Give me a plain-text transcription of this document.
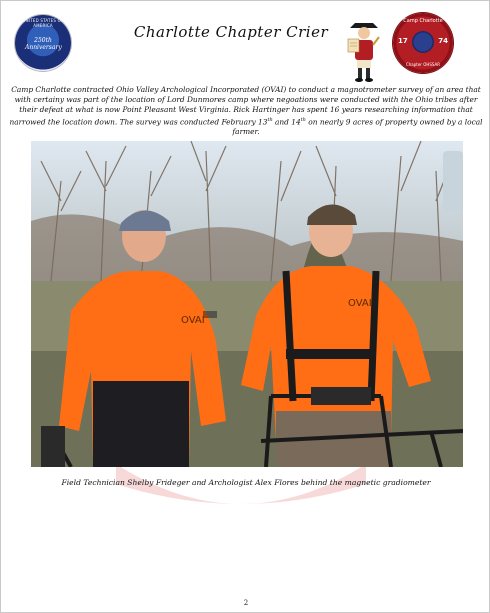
UNITED STATES OF AMERICA
250th Anniversary
Charlotte Chapter Crier
Camp Charlotte
17	74
Chapter OHSSAR
Camp Charlotte contracted Ohio Valley Archological Incorporated (OVAI) to conduct a magnotrometer survey of an area that with certainy was part of the location of Lord Dunmores camp where negoations were conducted with the Ohio tribes after their defeat at what is now Point Pleasant West Virginia. Rick Hartinger has spent 16 years researching information that narrowed the location down. The survey was conducted February 13th and 14th on nearly 9 acres of property owned by a local farmer.
OVAI
OVAI
Field Technician Shelby Frideger and Archologist Alex Flores behind the magnetic gradiometer
2
